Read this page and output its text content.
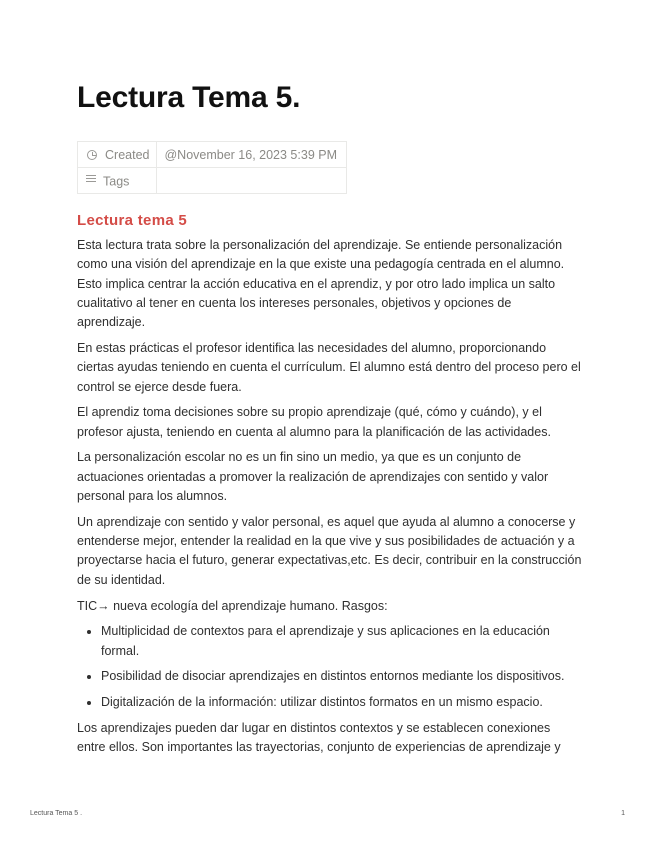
Lectura Tema 5.
Created	@November 16, 2023 5:39 PM

Tags	
Lectura tema 5

Esta lectura trata sobre la personalización del aprendizaje. Se entiende personalización como una visión del aprendizaje en la que existe una pedagogía centrada en el alumno. Esto implica centrar la acción educativa en el aprendiz, y por otro lado implica un salto cualitativo al tener en cuenta los intereses personales, objetivos y opciones de aprendizaje.

En estas prácticas el profesor identifica las necesidades del alumno, proporcionando ciertas ayudas teniendo en cuenta el currículum. El alumno está dentro del proceso pero el control se ejerce desde fuera.

El aprendiz toma decisiones sobre su propio aprendizaje (qué, cómo y cuándo), y el profesor ajusta, teniendo en cuenta al alumno para la planificación de las actividades.

La personalización escolar no es un fin sino un medio, ya que es un conjunto de actuaciones orientadas a promover la realización de aprendizajes con sentido y valor personal para los alumnos.

Un aprendizaje con sentido y valor personal, es aquel que ayuda al alumno a conocerse y entenderse mejor, entender la realidad en la que vive y sus posibilidades de actuación y a proyectarse hacia el futuro, generar expectativas,etc. Es decir, contribuir en la construcción de su identidad.

TIC→ nueva ecología del aprendizaje humano. Rasgos:

• Multiplicidad de contextos para el aprendizaje y sus aplicaciones en la educación formal.
• Posibilidad de disociar aprendizajes en distintos entornos mediante los dispositivos.
• Digitalización de la información: utilizar distintos formatos en un mismo espacio.

Los aprendizajes pueden dar lugar en distintos contextos y se establecen conexiones entre ellos. Son importantes las trayectorias, conjunto de experiencias de aprendizaje y

Lectura Tema 5 .	1
